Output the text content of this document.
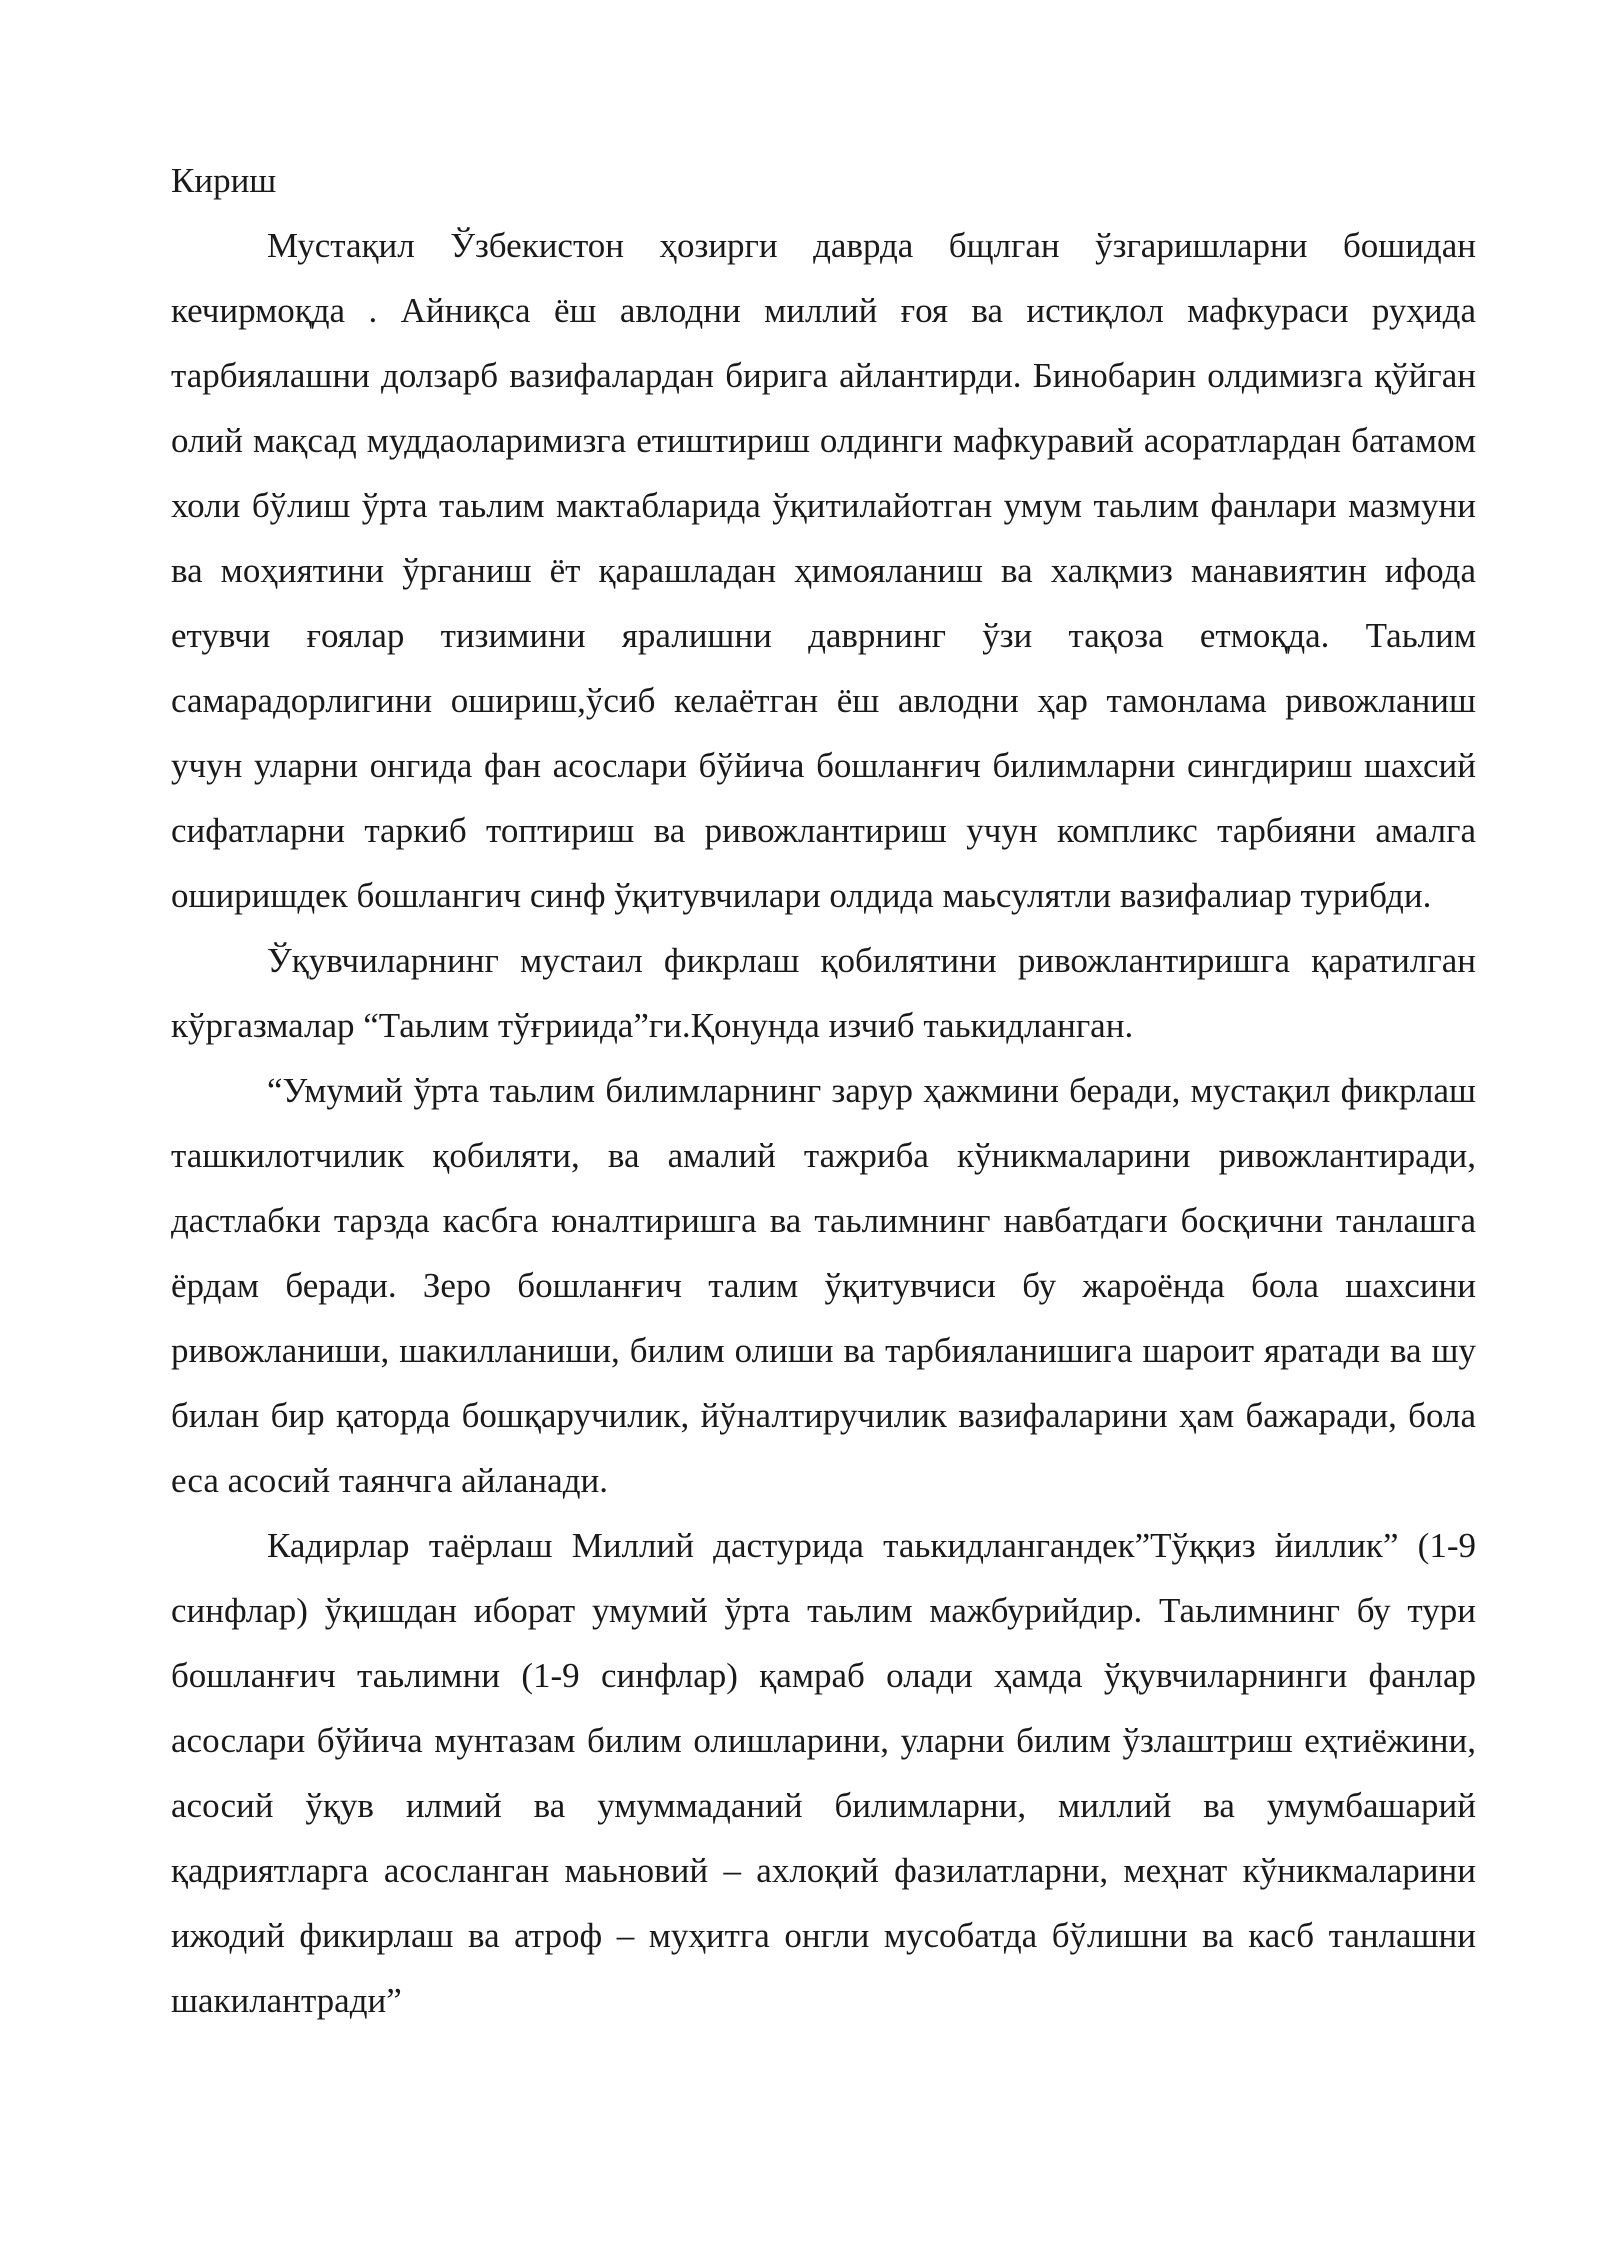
Кириш

Мустақил Ўзбекистон ҳозирги даврда бщлган ўзгаришларни бошидан кечирмоқда . Айниқса ёш авлодни миллий ғоя ва истиқлол мафкураси руҳида тарбиялашни долзарб вазифалардан бирига айлантирди. Бинобарин олдимизга қўйган олий мақсад муддаоларимизга етиштириш олдинги мафкуравий асоратлардан батамом холи бўлиш ўрта таьлим мактабларида ўқитилайотган умум таьлим фанлари мазмуни ва моҳиятини ўрганиш ёт қарашладан ҳимояланиш ва халқмиз манавиятин ифода етувчи ғоялар тизимини яралишни даврнинг ўзи тақоза етмоқда. Таьлим самарадорлигини ошириш,ўсиб келаётган ёш авлодни ҳар тамонлама ривожланиш учун уларни онгида фан асослари бўйича бошланғич билимларни сингдириш шахсий сифатларни таркиб топтириш ва ривожлантириш учун компликс тарбияни амалга оширишдек бошлангич синф ўқитувчилари олдида маьсулятли вазифалиар турибди.

Ўқувчиларнинг мустаил фикрлаш қобилятини ривожлантиришга қаратилган кўргазмалар “Таьлим тўғриида”ги.Қонунда изчиб таькидланган.

“Умумий ўрта таьлим билимларнинг зарур ҳажмини беради, мустақил фикрлаш ташкилотчилик қобиляти, ва амалий тажриба кўникмаларини ривожлантиради, дастлабки тарзда касбга юналтиришга ва таьлимнинг навбатдаги босқични танлашга ёрдам беради. Зеро бошланғич талим ўқитувчиси бу жароёнда бола шахсини ривожланиши, шакилланиши, билим олиши ва тарбияланишига шароит яратади ва шу билан бир қаторда бошқаручилик, йўналтиручилик вазифаларини ҳам бажаради, бола еса асосий таянчга айланади.

Кадирлар таёрлаш Миллий дастурида таькидлангандек”Тўққиз йиллик” (1-9 синфлар) ўқишдан иборат умумий ўрта таьлим мажбурийдир. Таьлимнинг бу тури бошланғич таьлимни (1-9 синфлар) қамраб олади ҳамда ўқувчиларнинги фанлар асослари бўйича мунтазам билим олишларини, уларни билим ўзлаштриш еҳтиёжини, асосий ўқув илмий ва умуммаданий билимларни, миллий ва умумбашарий қадриятларга асосланган маьновий – ахлоқий фазилатларни, меҳнат кўникмаларини ижодий фикирлаш ва атроф – муҳитга онгли мусобатда бўлишни ва касб танлашни шакилантради”
